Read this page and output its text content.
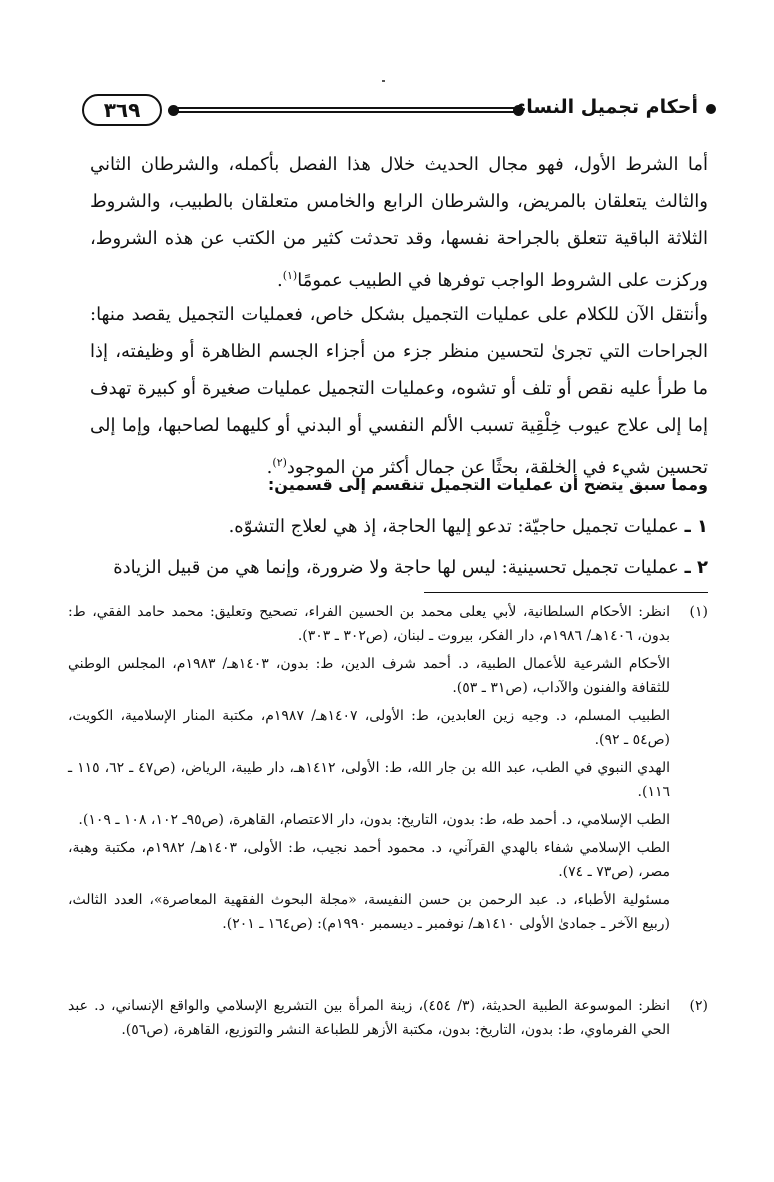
٣٦٩	أحكام تجميل النساء
أما الشرط الأول، فهو مجال الحديث خلال هذا الفصل بأكمله، والشرطان الثاني والثالث يتعلقان بالمريض، والشرطان الرابع والخامس متعلقان بالطبيب، والشروط الثلاثة الباقية تتعلق بالجراحة نفسها، وقد تحدثت كثير من الكتب عن هذه الشروط، وركزت على الشروط الواجب توفرها في الطبيب عمومًا$^{(١)}$.
وأنتقل الآن للكلام على عمليات التجميل بشكل خاص، فعمليات التجميل يقصد منها: الجراحات التي تجرىٰ لتحسين منظر جزء من أجزاء الجسم الظاهرة أو وظيفته، إذا ما طرأ عليه نقص أو تلف أو تشوه، وعمليات التجميل عمليات صغيرة أو كبيرة تهدف إما إلى علاج عيوب خِلْقِية تسبب الألم النفسي أو البدني أو كليهما لصاحبها، وإما إلى تحسين شيء في الخلقة، بحثًا عن جمال أكثر من الموجود$^{(٢)}$.
ومما سبق يتضح أن عمليات التجميل تنقسم إلى قسمين:
١ ـ عمليات تجميل حاجيّة: تدعو إليها الحاجة، إذ هي لعلاج التشوّه.
٢ ـ عمليات تجميل تحسينية: ليس لها حاجة ولا ضرورة، وإنما هي من قبيل الزيادة
(١)
انظر: الأحكام السلطانية، لأبي يعلى محمد بن الحسين الفراء، تصحيح وتعليق: محمد حامد الفقي، ط: بدون، ١٤٠٦هـ/ ١٩٨٦م، دار الفكر، بيروت ـ لبنان، (ص٣٠٢ ـ ٣٠٣).
الأحكام الشرعية للأعمال الطبية، د. أحمد شرف الدين، ط: بدون، ١٤٠٣هـ/ ١٩٨٣م، المجلس الوطني للثقافة والفنون والآداب، (ص٣١ ـ ٥٣).
الطبيب المسلم، د. وجيه زين العابدين، ط: الأولى، ١٤٠٧هـ/ ١٩٨٧م، مكتبة المنار الإسلامية، الكويت، (ص٥٤ ـ ٩٢).
الهدي النبوي في الطب، عبد الله بن جار الله، ط: الأولى، ١٤١٢هـ، دار طيبة، الرياض، (ص٤٧ ـ ٦٢، ١١٥ ـ ١١٦).
الطب الإسلامي، د. أحمد طه، ط: بدون، التاريخ: بدون، دار الاعتصام، القاهرة، (ص٩٥ـ ١٠٢، ١٠٨ ـ ١٠٩).
الطب الإسلامي شفاء بالهدي القرآني، د. محمود أحمد نجيب، ط: الأولى، ١٤٠٣هـ/ ١٩٨٢م، مكتبة وهبة، مصر، (ص٧٣ ـ ٧٤).
مسئولية الأطباء، د. عبد الرحمن بن حسن النفيسة، «مجلة البحوث الفقهية المعاصرة»، العدد الثالث، (ربيع الآخر ـ جمادىٰ الأولى ١٤١٠هـ/ نوفمبر ـ ديسمبر ١٩٩٠م): (ص١٦٤ ـ ٢٠١).
(٢)
انظر: الموسوعة الطبية الحديثة، (٣/ ٤٥٤)، زينة المرأة بين التشريع الإسلامي والواقع الإنساني، د. عبد الحي الفرماوي، ط: بدون، التاريخ: بدون، مكتبة الأزهر للطباعة النشر والتوزيع، القاهرة، (ص٥٦).
